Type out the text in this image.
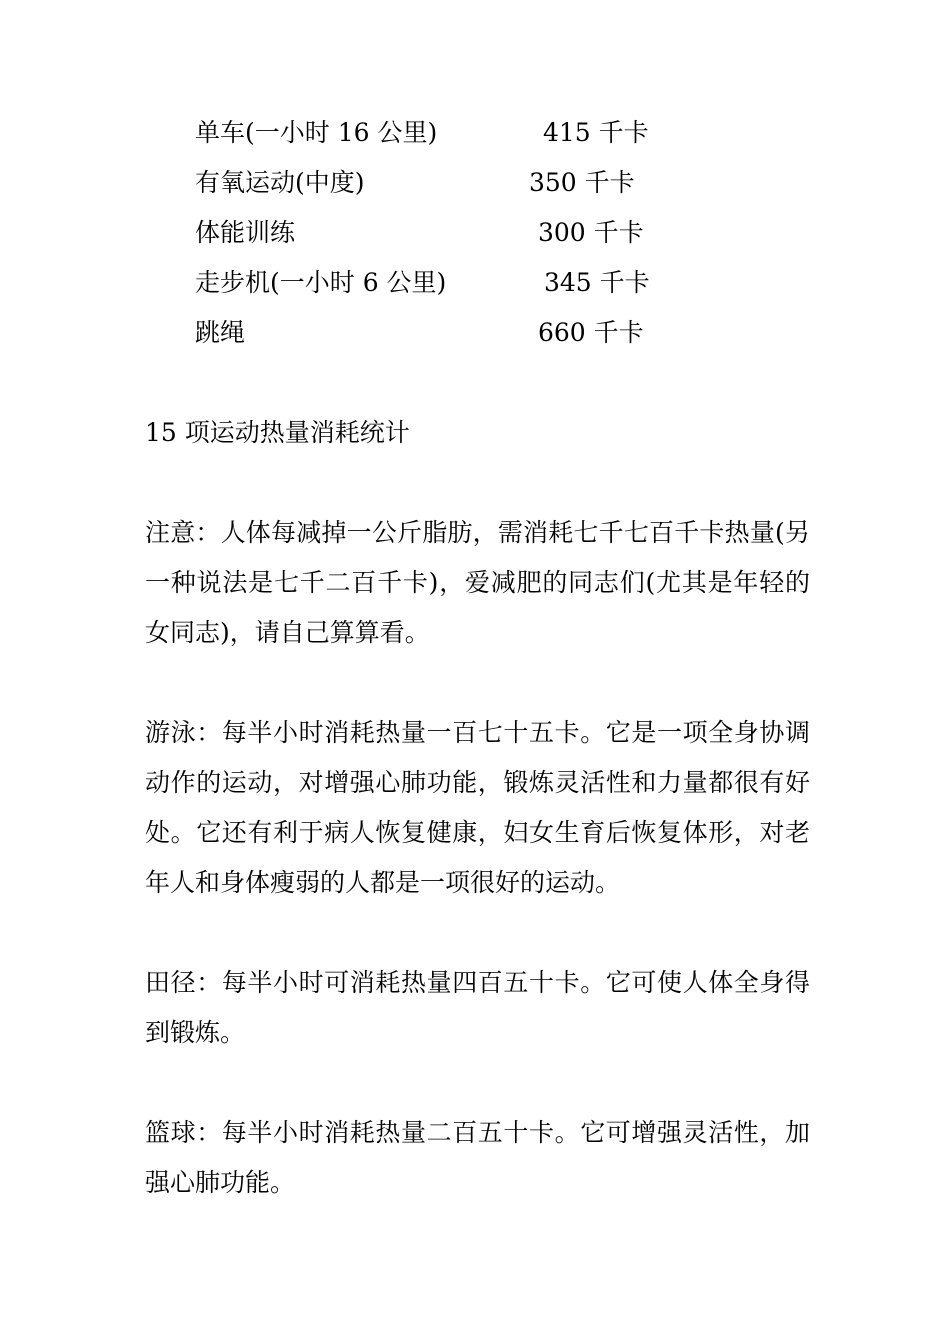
单车(一小时 16 公里)	415 千卡
有氧运动(中度)	350 千卡
体能训练	300 千卡
走步机(一小时 6 公里)	345 千卡
跳绳	660 千卡

15 项运动热量消耗统计

注意：人体每减掉一公斤脂肪，需消耗七千七百千卡热量(另一种说法是七千二百千卡)，爱减肥的同志们(尤其是年轻的女同志)，请自己算算看。

游泳：每半小时消耗热量一百七十五卡。它是一项全身协调动作的运动，对增强心肺功能，锻炼灵活性和力量都很有好处。它还有利于病人恢复健康，妇女生育后恢复体形，对老年人和身体瘦弱的人都是一项很好的运动。

田径：每半小时可消耗热量四百五十卡。它可使人体全身得到锻炼。

篮球：每半小时消耗热量二百五十卡。它可增强灵活性，加强心肺功能。
